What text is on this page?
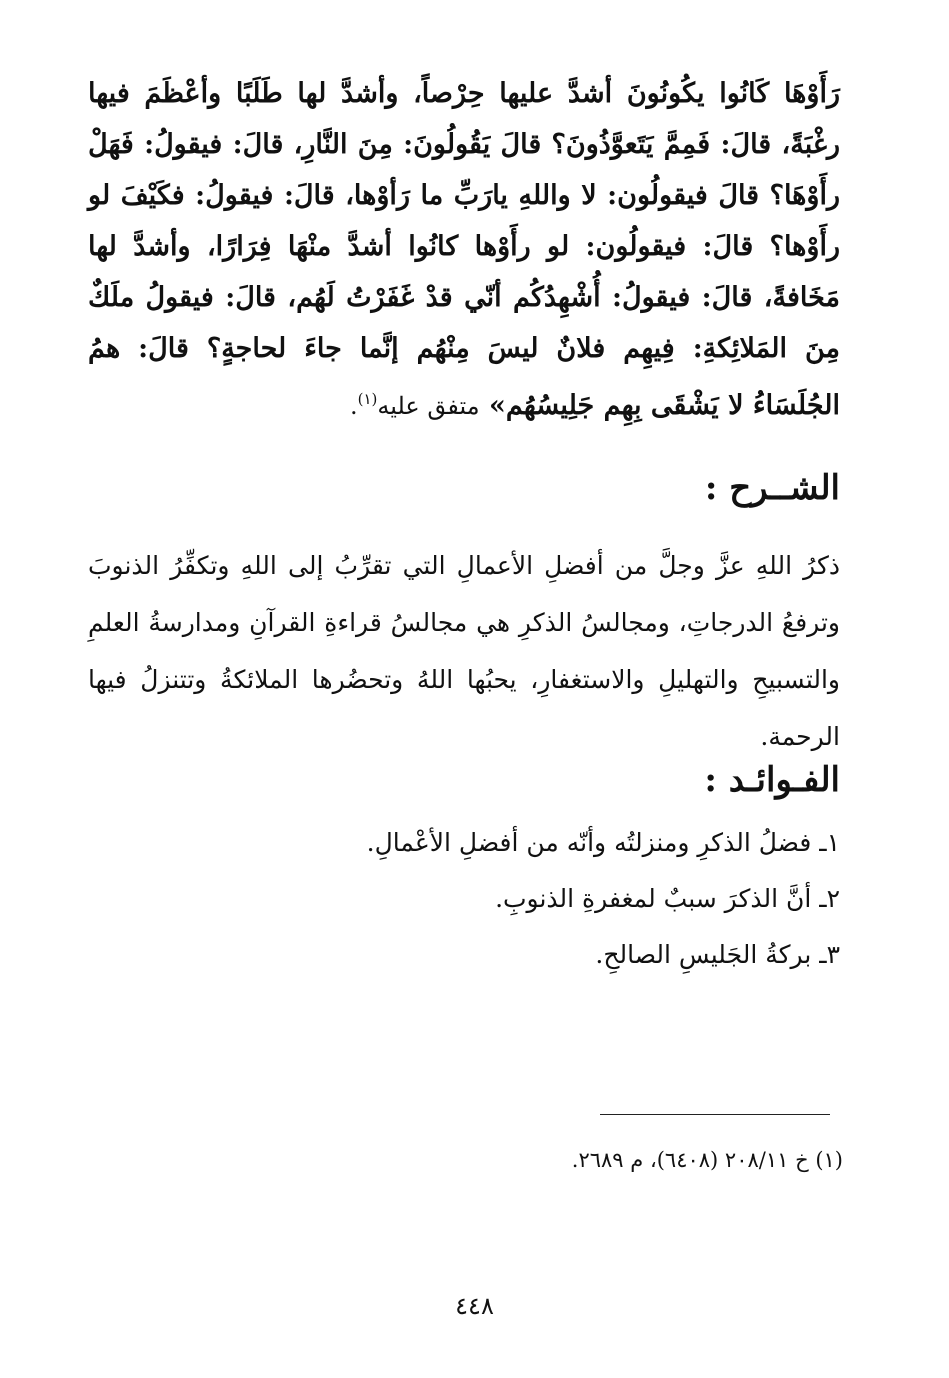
رَأَوْهَا كَانُوا يكُونُونَ أشدَّ عليها حِرْصاً، وأشدَّ لها طَلَبًا وأعْظَمَ فيها رغْبَةً، قالَ: فَمِمَّ يَتَعوَّذُونَ؟ قالَ يَقُولُونَ: مِنَ النَّارِ، قالَ: فيقولُ: فَهَلْ رأَوْهَا؟ قالَ فيقولُون: لا واللهِ يارَبِّ ما رَأوْها، قالَ: فيقولُ: فكَيْفَ لو رأَوْها؟ قالَ: فيقولُون: لو رأَوْها كانُوا أشدَّ منْهَا فِرَارًا، وأشدَّ لها مَخَافةً، قالَ: فيقولُ: أُشْهِدُكُم أنّي قدْ غَفَرْتُ لَهُم، قالَ: فيقولُ ملَكٌ مِنَ المَلائِكةِ: فِيهِم فلانٌ ليسَ مِنْهُم إنَّما جاءَ لحاجةٍ؟ قالَ: همُ الجُلَسَاءُ لا يَشْقَى بِهِم جَلِيسُهُم» متفق عليه$^{(١)}$.
الشــرح :
ذكرُ اللهِ عزَّ وجلَّ من أفضلِ الأعمالِ التي تقرِّبُ إلى اللهِ وتكفِّرُ الذنوبَ وترفعُ الدرجاتِ، ومجالسُ الذكرِ هي مجالسُ قراءةِ القرآنِ ومدارسةُ العلمِ والتسبيحِ والتهليلِ والاستغفارِ، يحبُها اللهُ وتحضُرها الملائكةُ وتتنزلُ فيها الرحمة.
الفـوائـد :
١ـ فضلُ الذكرِ ومنزلتُه وأنّه من أفضلِ الأعْمالِ.
٢ـ أنَّ الذكرَ سببٌ لمغفرةِ الذنوبِ.
٣ـ بركةُ الجَليسِ الصالحِ.
(١) خ ٢٠٨/١١ (٦٤٠٨)، م ٢٦٨٩.
٤٤٨
